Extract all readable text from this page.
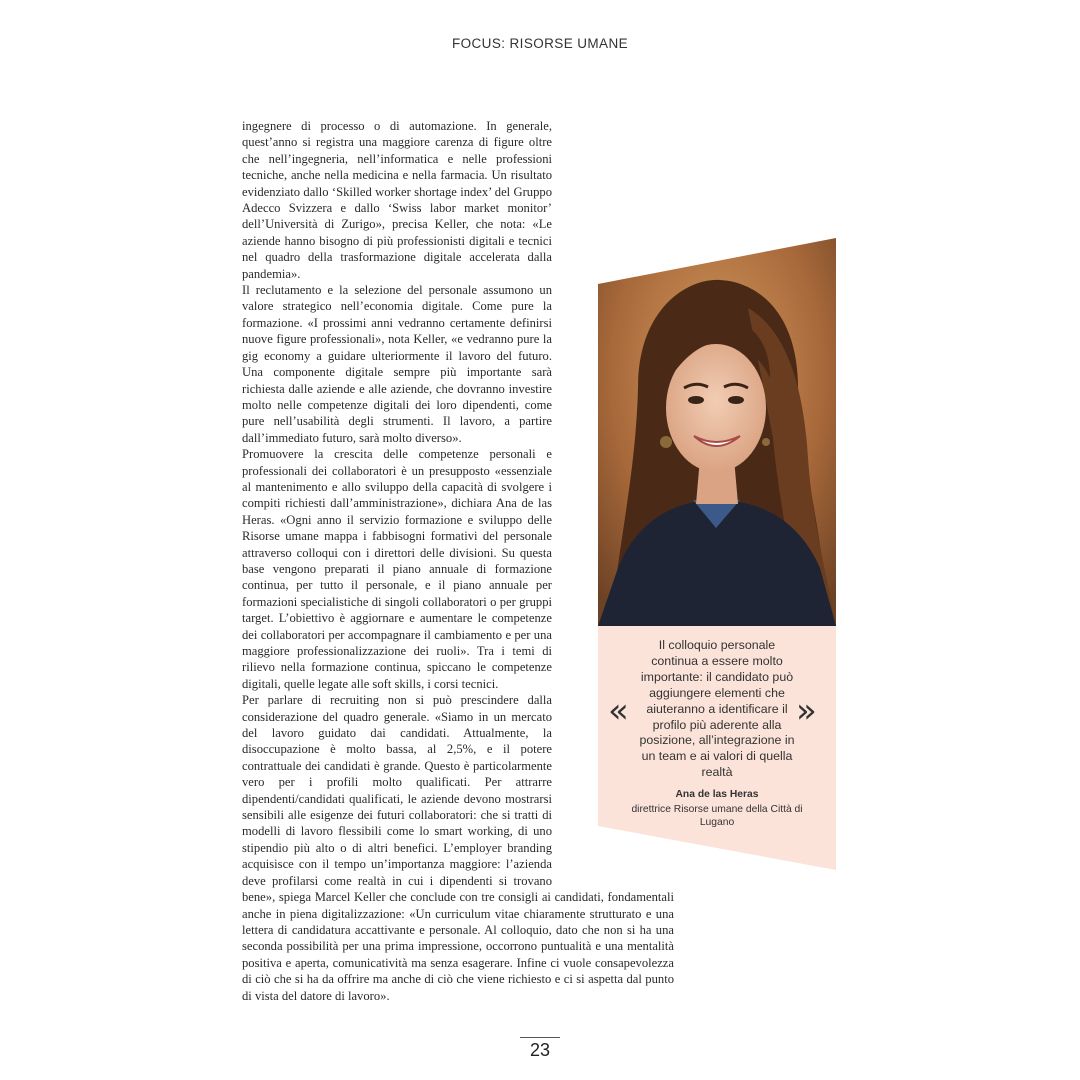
FOCUS: RISORSE UMANE

ingegnere di processo o di automazione. In generale, quest’anno si registra una maggiore carenza di figure oltre che nell’ingegneria, nell’informatica e nelle professioni tecniche, anche nella medicina e nella farmacia. Un risultato evidenziato dallo ‘Skilled worker shortage index’ del Gruppo Adecco Svizzera e dallo ‘Swiss labor market monitor’ dell’Università di Zurigo», precisa Keller, che nota: «Le aziende hanno bisogno di più professionisti digitali e tecnici nel quadro della trasformazione digitale accelerata dalla pandemia».

Il reclutamento e la selezione del personale assumono un valore strategico nell’economia digitale. Come pure la formazione. «I prossimi anni vedranno certamente definirsi nuove figure professionali», nota Keller, «e vedranno pure la gig economy a guidare ulteriormente il lavoro del futuro. Una componente digitale sempre più importante sarà richiesta dalle aziende e alle aziende, che dovranno investire molto nelle competenze digitali dei loro dipendenti, come pure nell’usabilità degli strumenti. Il lavoro, a partire dall’immediato futuro, sarà molto diverso».

Promuovere la crescita delle competenze personali e professionali dei collaboratori è un presupposto «essenziale al mantenimento e allo sviluppo della capacità di svolgere i compiti richiesti dall’amministrazione», dichiara Ana de las Heras. «Ogni anno il servizio formazione e sviluppo delle Risorse umane mappa i fabbisogni formativi del personale attraverso colloqui con i direttori delle divisioni. Su questa base vengono preparati il piano annuale di formazione continua, per tutto il personale, e il piano annuale per formazioni specialistiche di singoli collaboratori o per gruppi target. L’obiettivo è aggiornare e aumentare le competenze dei collaboratori per accompagnare il cambiamento e per una maggiore professionalizzazione dei ruoli». Tra i temi di rilievo nella formazione continua, spiccano le competenze digitali, quelle legate alle soft skills, i corsi tecnici.

Per parlare di recruiting non si può prescindere dalla considerazione del quadro generale. «Siamo in un mercato del lavoro guidato dai candidati. Attualmente, la disoccupazione è molto bassa, al 2,5%, e il potere contrattuale dei candidati è grande. Questo è particolarmente vero per i profili molto qualificati. Per attrarre dipendenti/candidati qualificati, le aziende devono mostrarsi sensibili alle esigenze dei futuri collaboratori: che si tratti di modelli di lavoro flessibili come lo smart working, di uno stipendio più alto o di altri benefici. L’employer branding acquisisce con il tempo un’importanza maggiore: l’azienda deve profilarsi come realtà in cui i dipendenti si trovano bene», spiega Marcel Keller che conclude con tre consigli ai candidati, fondamentali anche in piena digitalizzazione: «Un curriculum vitae chiaramente strutturato e una lettera di candidatura accattivante e personale. Al colloquio, dato che non si ha una seconda possibilità per una prima impressione, occorrono puntualità e una mentalità positiva e aperta, comunicatività ma senza esagerare. Infine ci vuole consapevolezza di ciò che si ha da offrire ma anche di ciò che viene richiesto e ci si aspetta dal punto di vista del datore di lavoro».

«	»
Il colloquio personale continua a essere molto importante: il candidato può aggiungere elementi che aiuteranno a identificare il profilo più aderente alla posizione, all’integrazione in un team e ai valori di quella realtà
Ana de las Heras
direttrice Risorse umane della Città di Lugano
23
